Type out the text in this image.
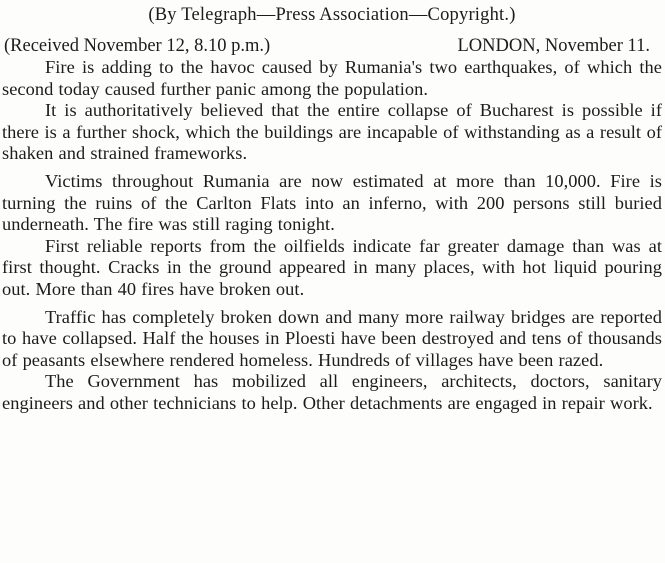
(By Telegraph—Press Association—Copyright.)

(Received November 12, 8.10 p.m.)	LONDON, November 11.

Fire is adding to the havoc caused by Rumania's two earthquakes, of which the second today caused further panic among the population.

It is authoritatively believed that the entire collapse of Bucharest is possible if there is a further shock, which the buildings are incapable of withstanding as a result of shaken and strained frameworks.

Victims throughout Rumania are now estimated at more than 10,000. Fire is turning the ruins of the Carlton Flats into an inferno, with 200 persons still buried underneath. The fire was still raging tonight.

First reliable reports from the oilfields indicate far greater damage than was at first thought. Cracks in the ground appeared in many places, with hot liquid pouring out. More than 40 fires have broken out.

Traffic has completely broken down and many more railway bridges are reported to have collapsed. Half the houses in Ploesti have been destroyed and tens of thousands of peasants elsewhere rendered homeless. Hundreds of villages have been razed.

The Government has mobilized all engineers, architects, doctors, sanitary engineers and other technicians to help. Other detachments are engaged in repair work.
